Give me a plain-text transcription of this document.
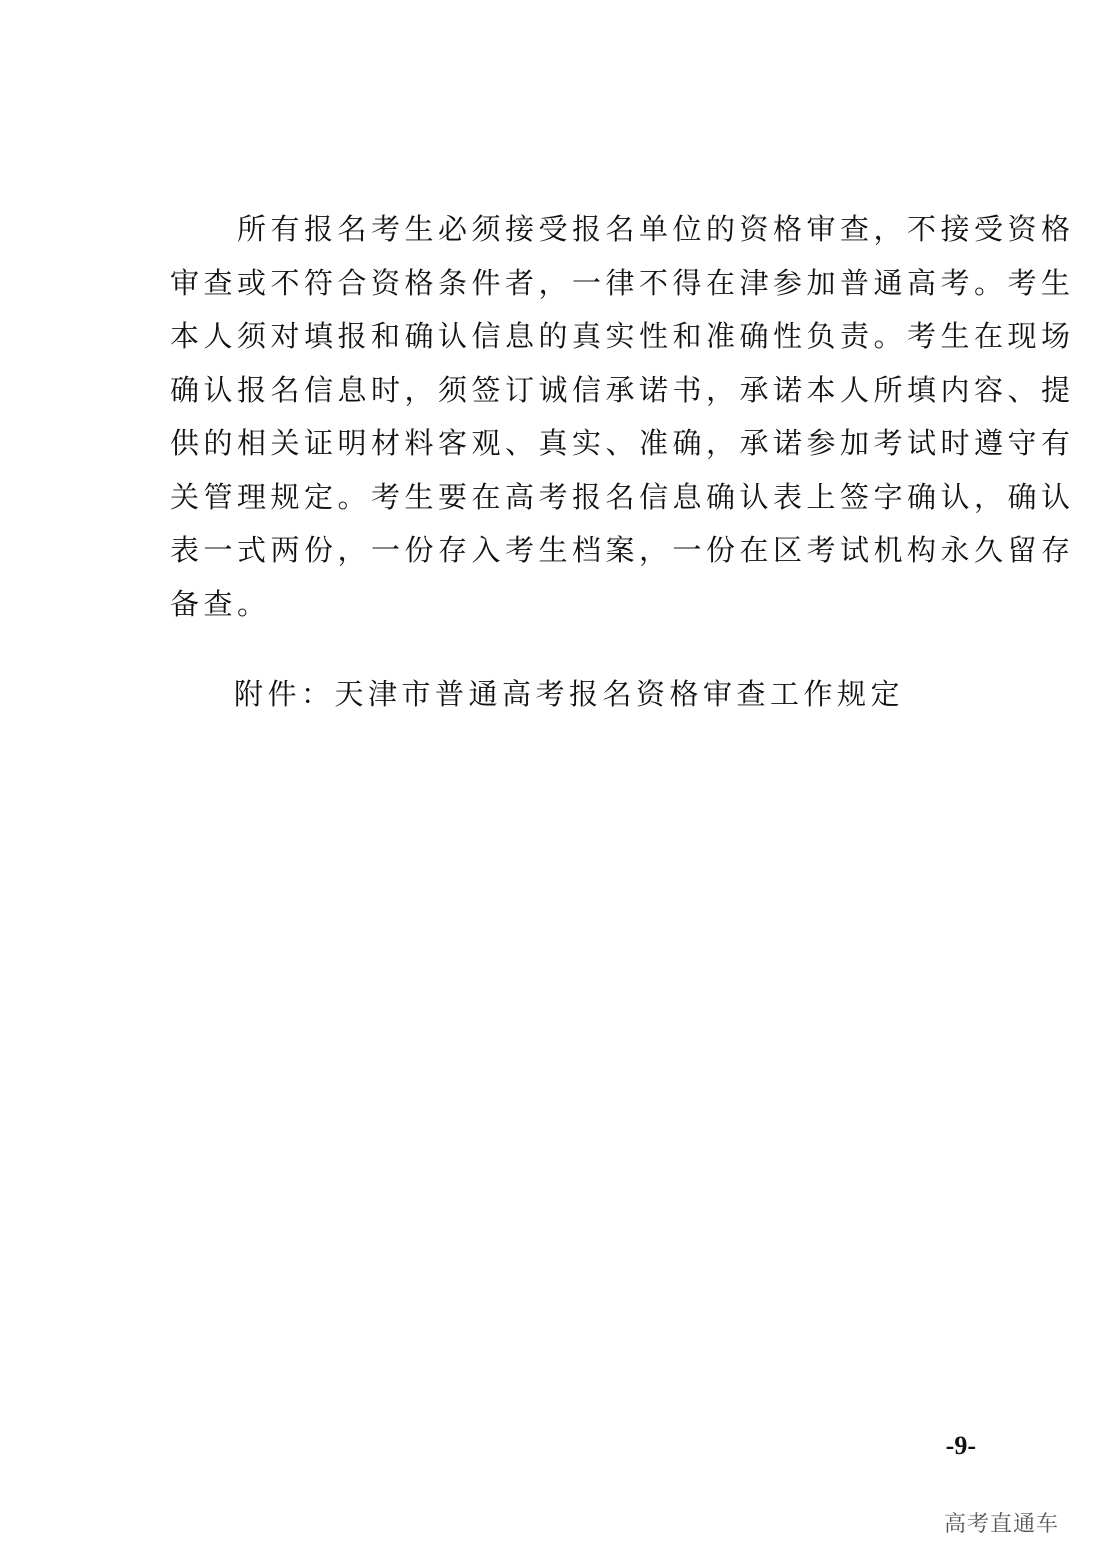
　　所有报名考生必须接受报名单位的资格审查，不接受资格
审查或不符合资格条件者，一律不得在津参加普通高考。考生
本人须对填报和确认信息的真实性和准确性负责。考生在现场
确认报名信息时，须签订诚信承诺书，承诺本人所填内容、提
供的相关证明材料客观、真实、准确，承诺参加考试时遵守有
关管理规定。考生要在高考报名信息确认表上签字确认，确认
表一式两份，一份存入考生档案，一份在区考试机构永久留存
备查。

附件：天津市普通高考报名资格审查工作规定

-9-
高考直通车
